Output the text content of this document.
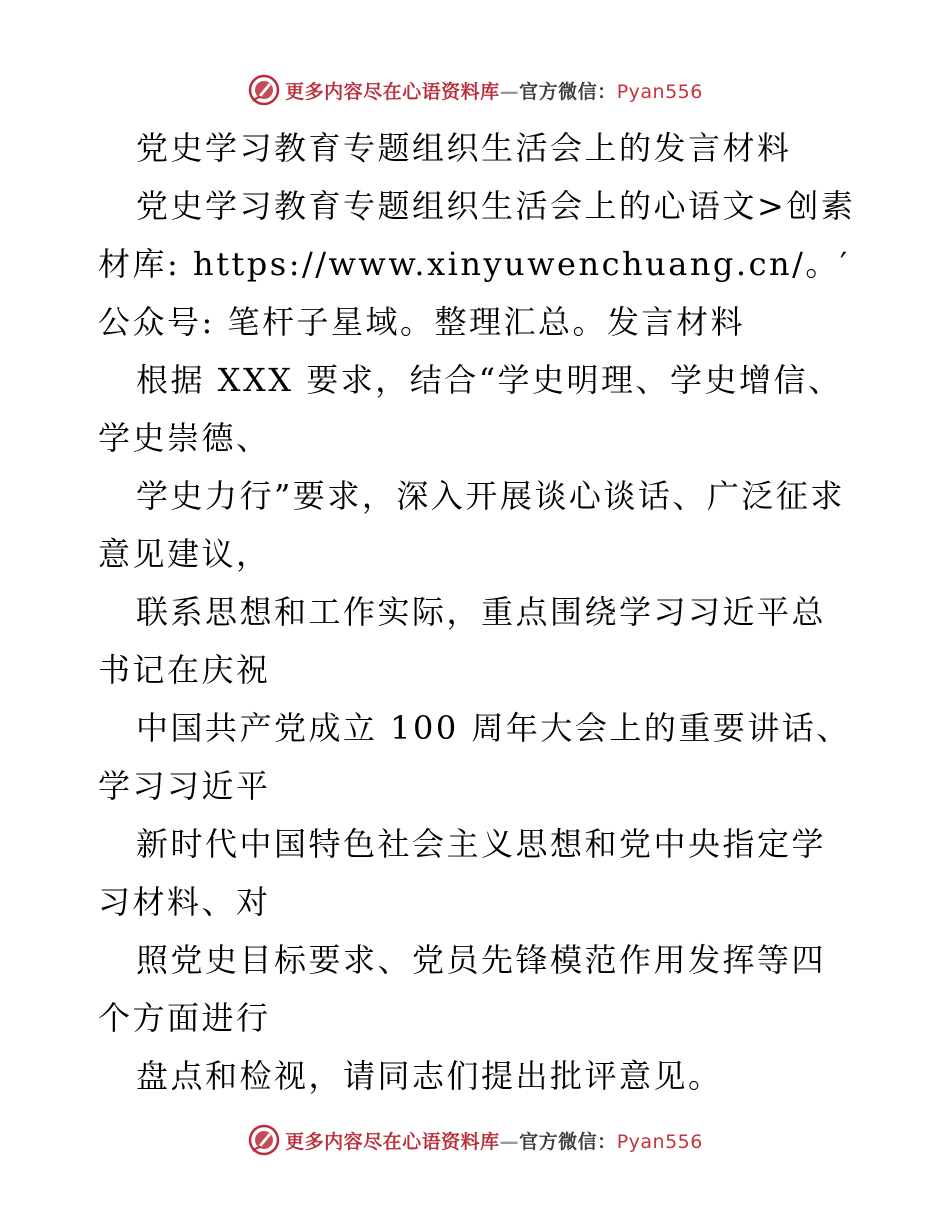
更多内容尽在心语资料库—官方微信：Pyan556

党史学习教育专题组织生活会上的发言材料

党史学习教育专题组织生活会上的心语文>创素材库: https://www.xinyuwenchuang.cn/。′公众号: 笔杆子星域。整理汇总。发言材料

根据 XXX 要求，结合“学史明理、学史增信、学史崇德、

学史力行”要求，深入开展谈心谈话、广泛征求意见建议，

联系思想和工作实际，重点围绕学习习近平总书记在庆祝

中国共产党成立 100 周年大会上的重要讲话、学习习近平

新时代中国特色社会主义思想和党中央指定学习材料、对

照党史目标要求、党员先锋模范作用发挥等四个方面进行

盘点和检视，请同志们提出批评意见。

更多内容尽在心语资料库—官方微信：Pyan556
